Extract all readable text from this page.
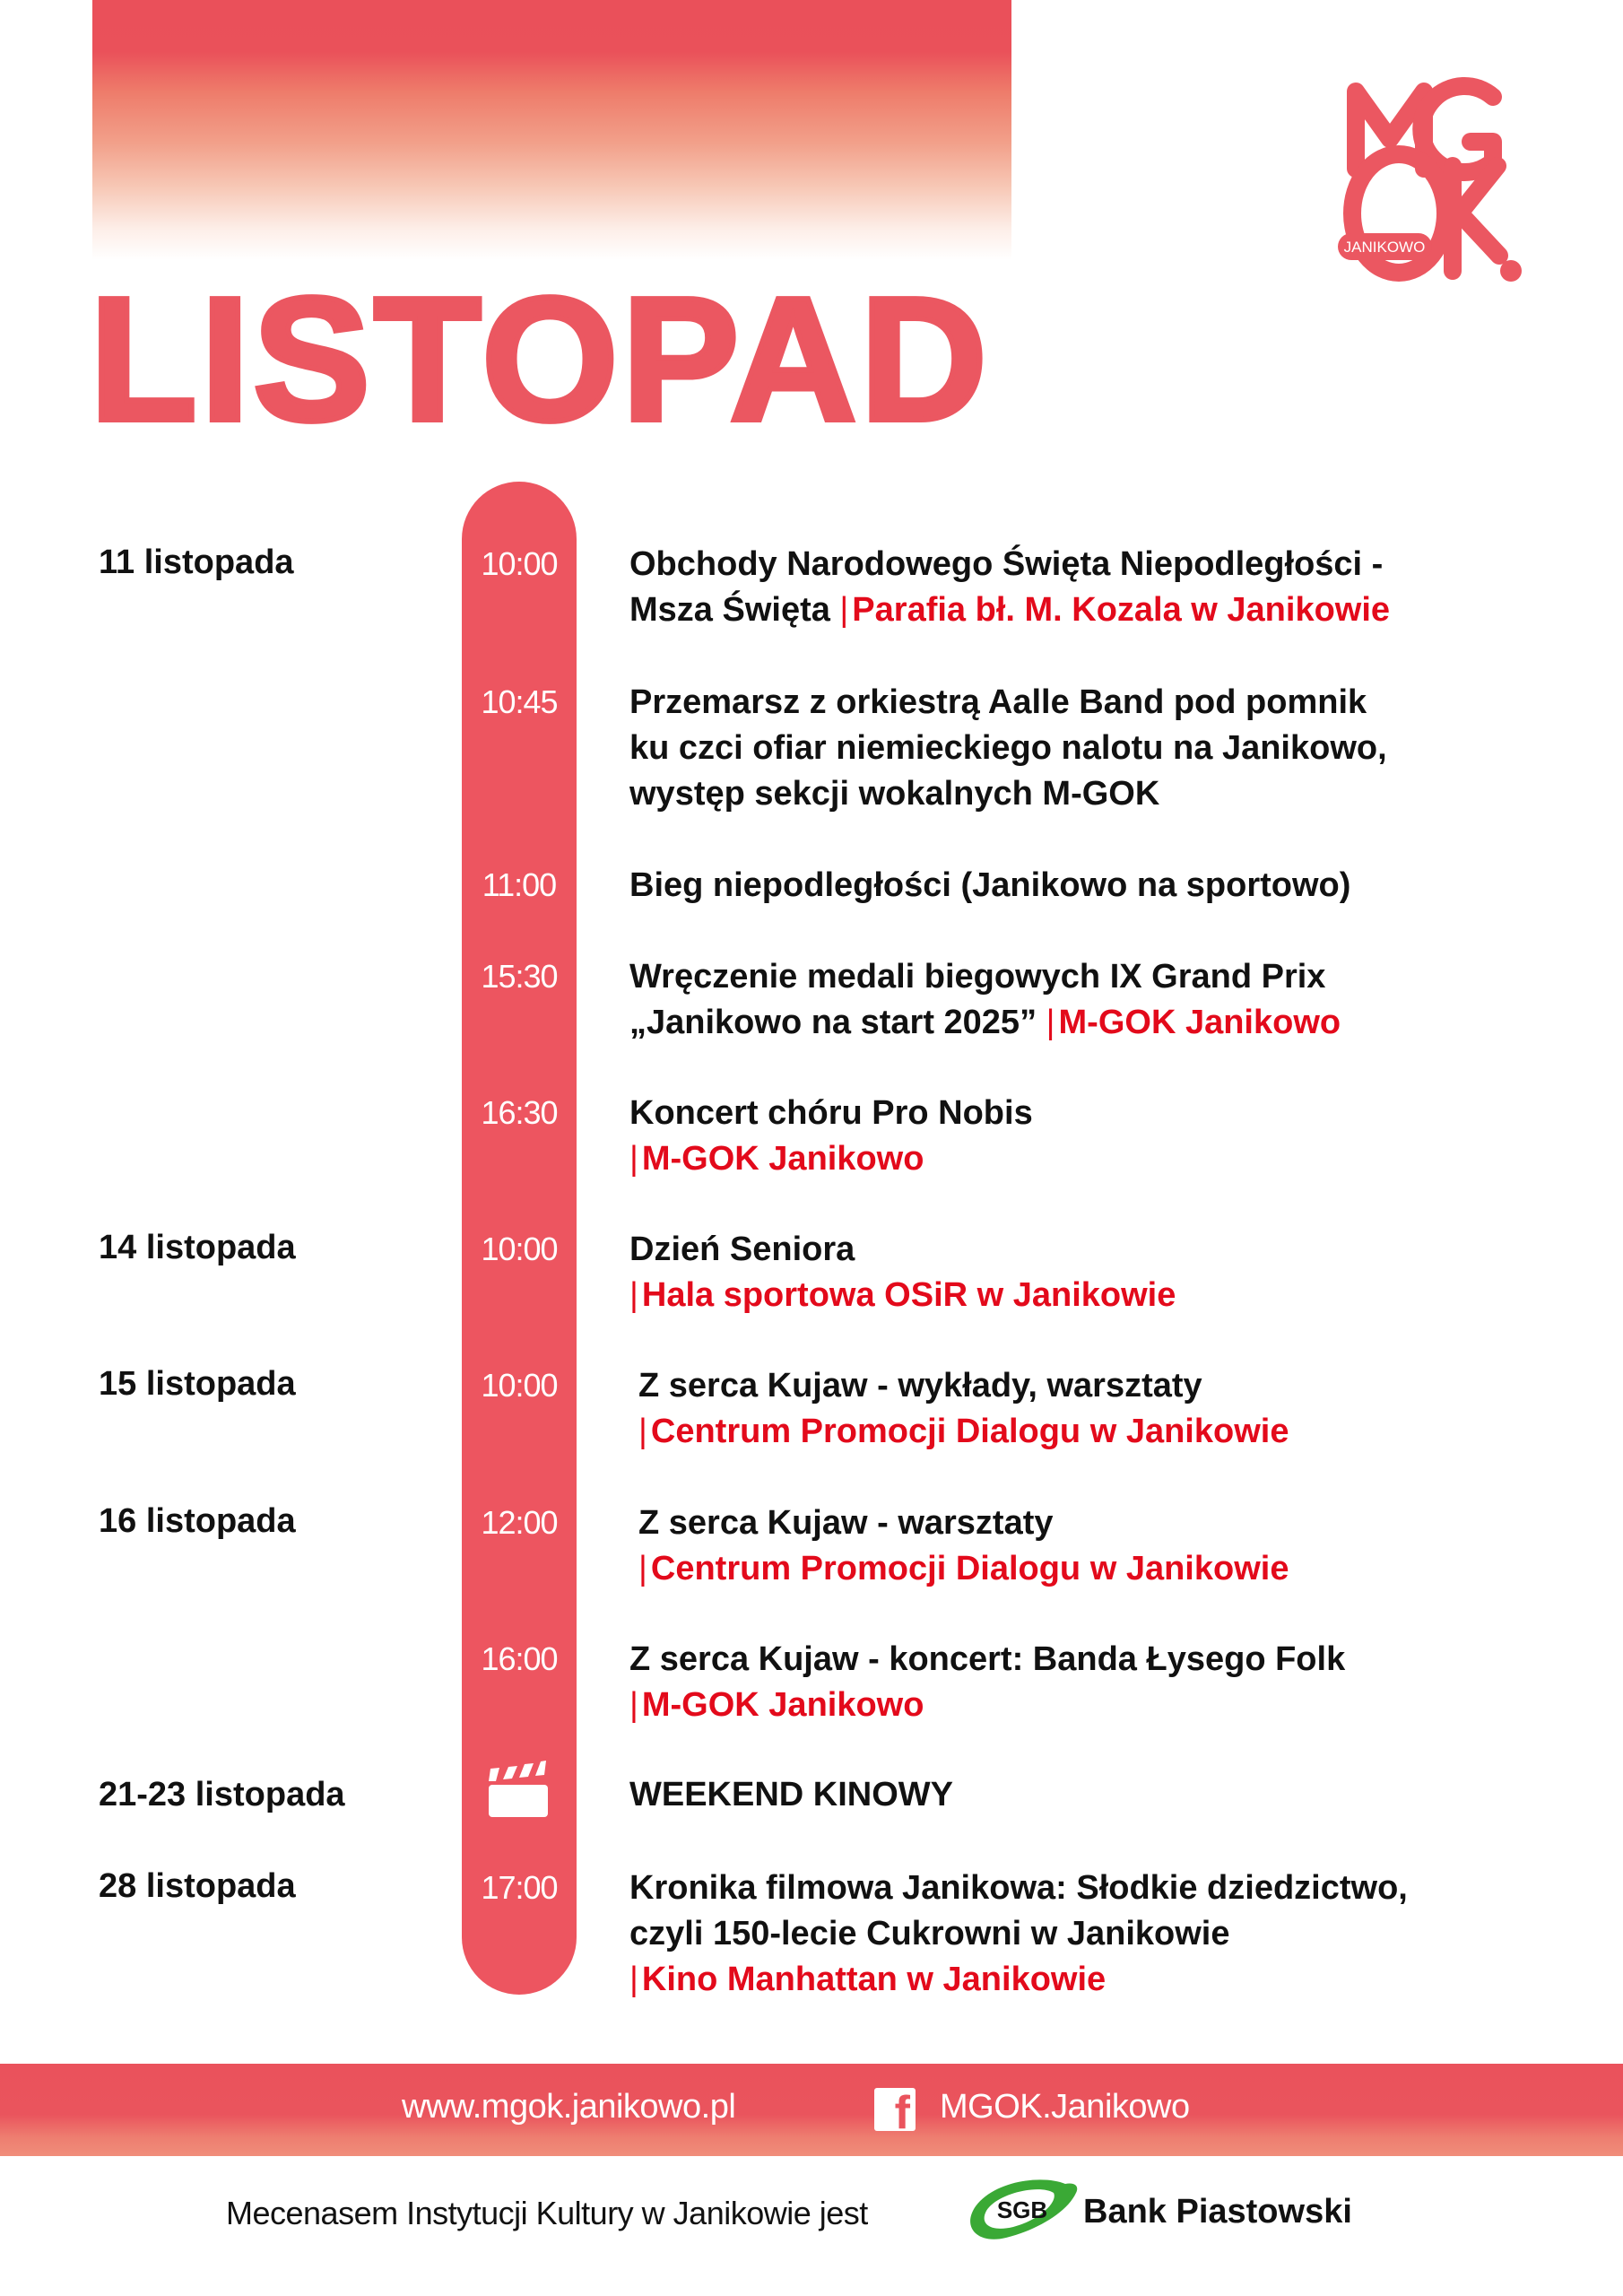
LISTOPAD
JANIKOWO
11 listopada	10:00	Obchody Narodowego Święta Niepodległości -
Msza Święta | Parafia bł. M. Kozala w Janikowie
10:45	Przemarsz z orkiestrą Aalle Band pod pomnik
ku czci ofiar niemieckiego nalotu na Janikowo,
występ sekcji wokalnych M-GOK
11:00	Bieg niepodległości (Janikowo na sportowo)
15:30	Wręczenie medali biegowych IX Grand Prix
„Janikowo na start 2025” | M-GOK Janikowo
16:30	Koncert chóru Pro Nobis
| M-GOK Janikowo
14 listopada	10:00	Dzień Seniora
| Hala sportowa OSiR w Janikowie
15 listopada	10:00	Z serca Kujaw - wykłady, warsztaty
| Centrum Promocji Dialogu w Janikowie
16 listopada	12:00	Z serca Kujaw - warsztaty
| Centrum Promocji Dialogu w Janikowie
16:00	Z serca Kujaw - koncert: Banda Łysego Folk
| M-GOK Janikowo
21-23 listopada	WEEKEND KINOWY
28 listopada	17:00	Kronika filmowa Janikowa: Słodkie dziedzictwo,
czyli 150-lecie Cukrowni w Janikowie
| Kino Manhattan w Janikowie
www.mgok.janikowo.pl	f MGOK.Janikowo
Mecenasem Instytucji Kultury w Janikowie jest	SGB Bank Piastowski
